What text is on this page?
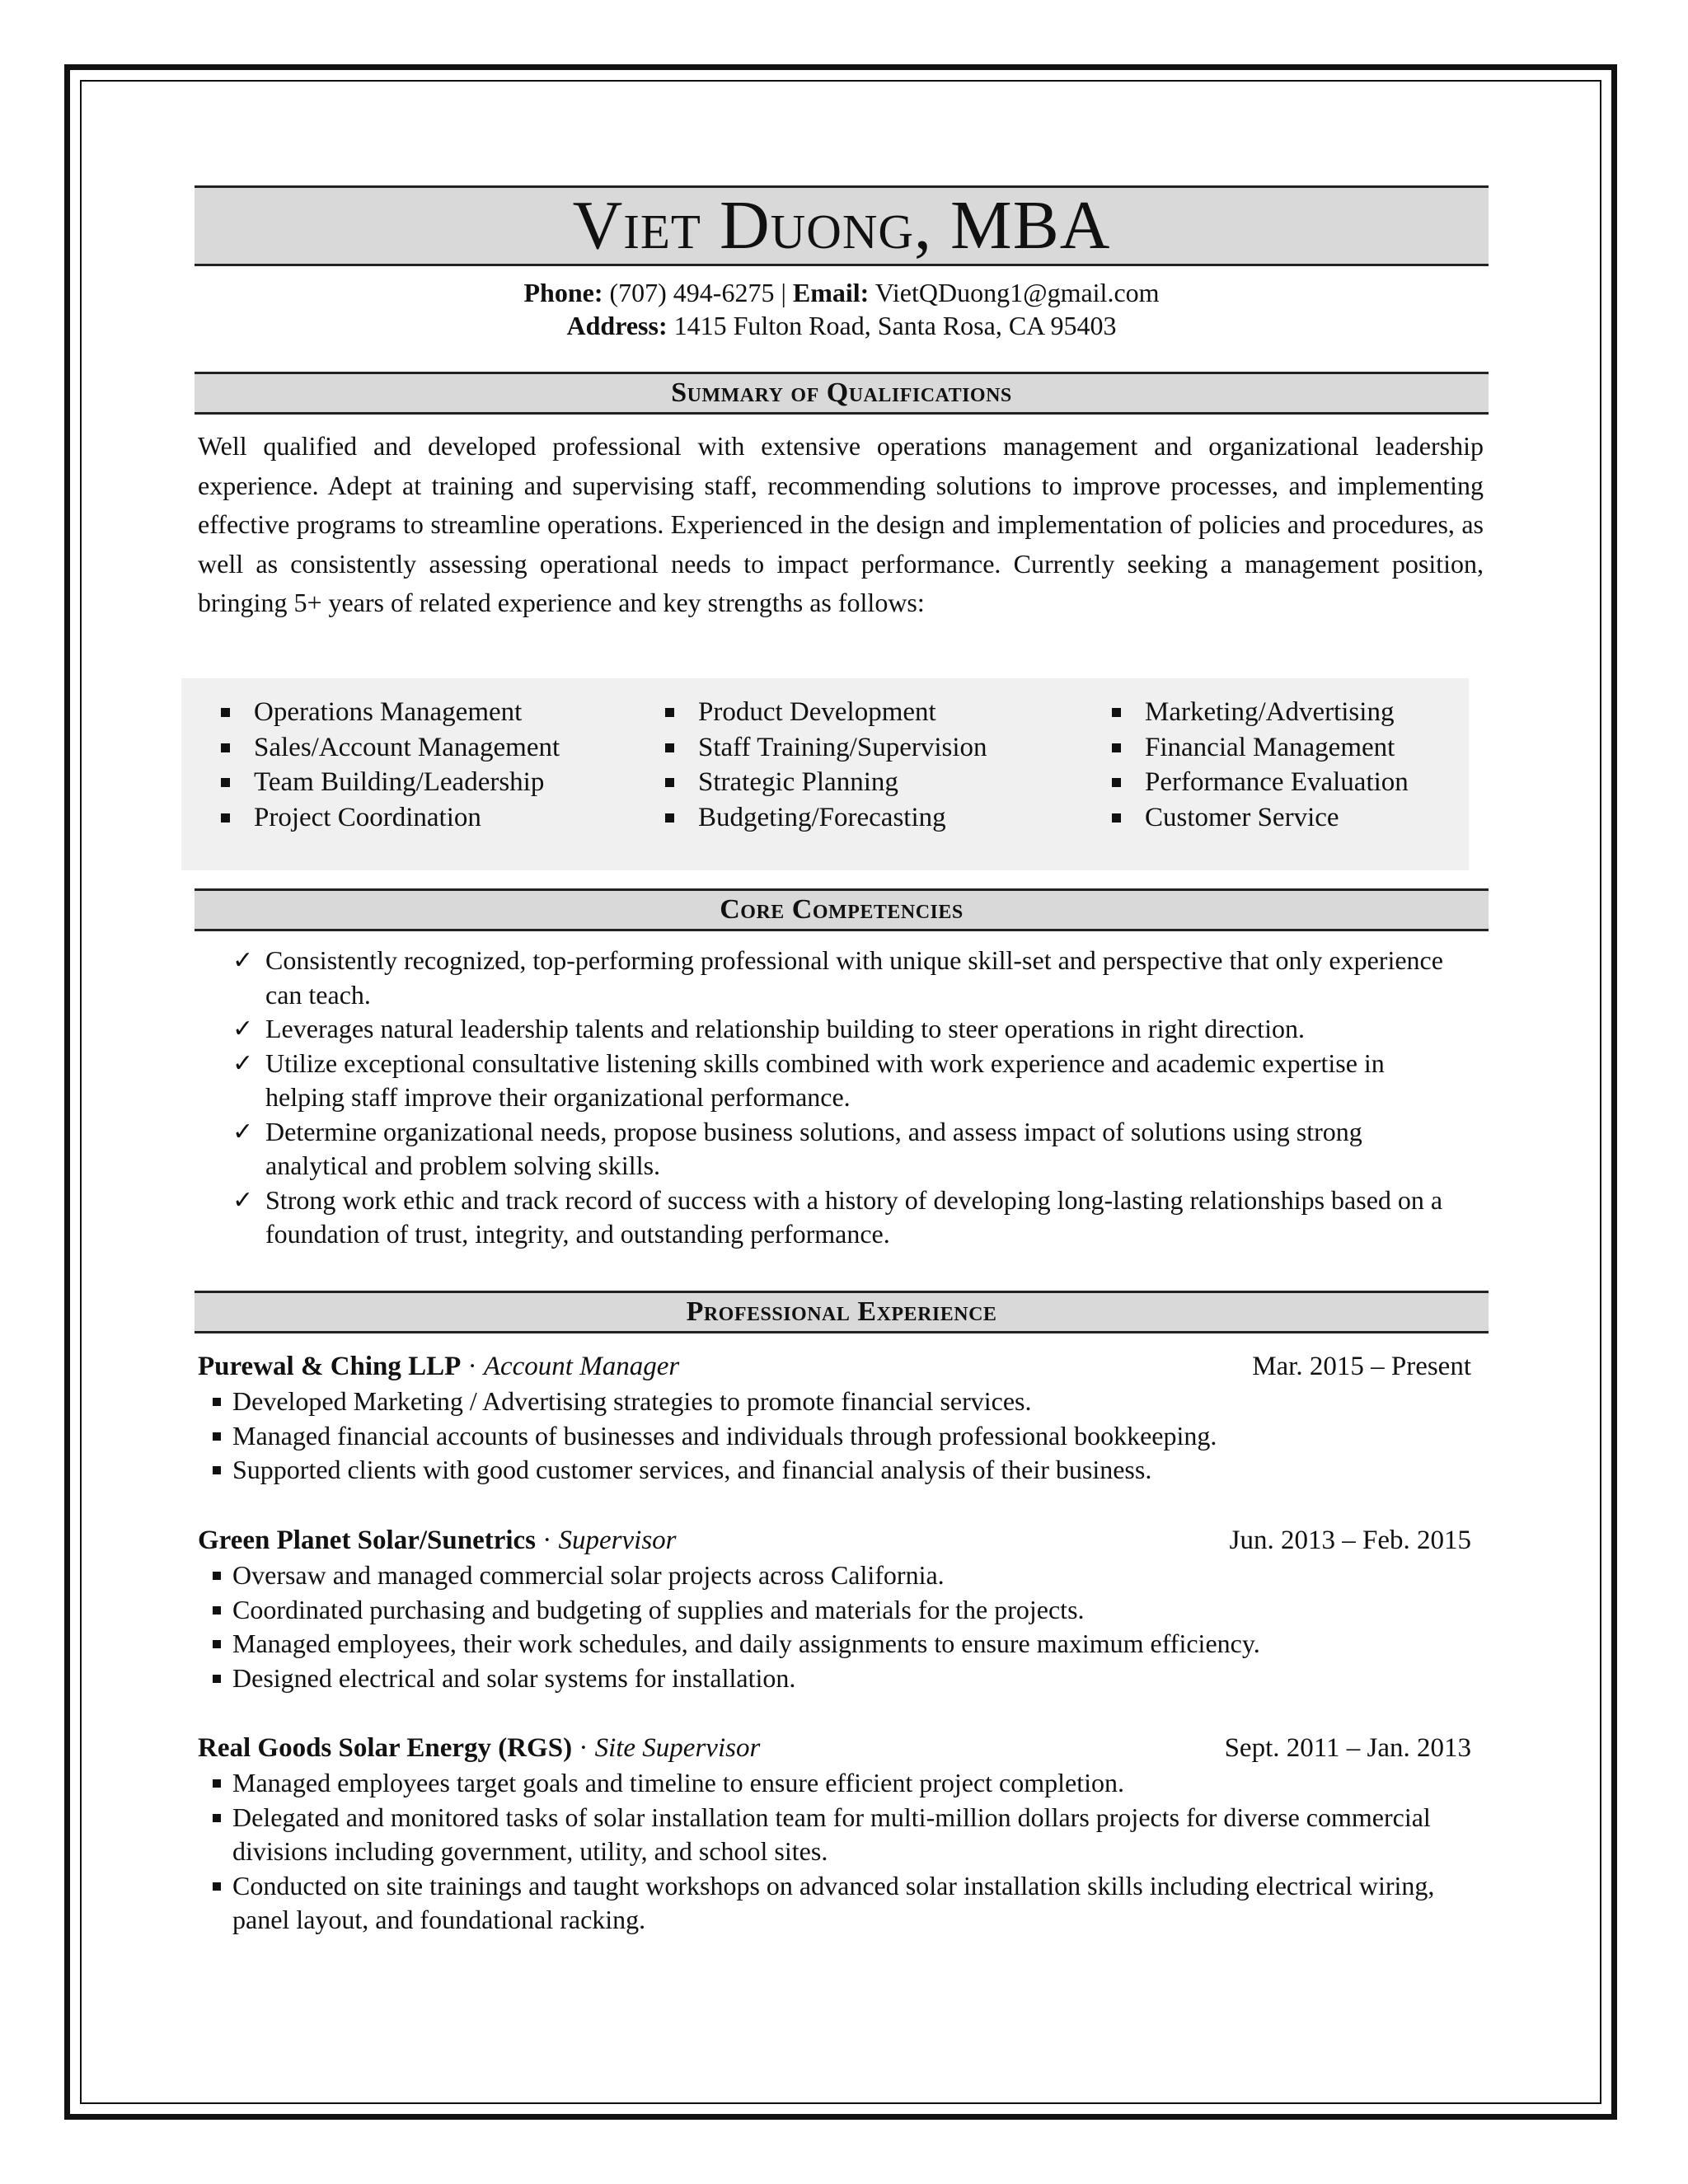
Viet Duong, MBA
Phone: (707) 494-6275 | Email: VietQDuong1@gmail.com
Address: 1415 Fulton Road, Santa Rosa, CA 95403
Summary of Qualifications

Well qualified and developed professional with extensive operations management and organizational leadership experience. Adept at training and supervising staff, recommending solutions to improve processes, and implementing effective programs to streamline operations. Experienced in the design and implementation of policies and procedures, as well as consistently assessing operational needs to impact performance. Currently seeking a management position, bringing 5+ years of related experience and key strengths as follows:

Operations Management
Sales/Account Management
Team Building/Leadership
Project Coordination
Product Development
Staff Training/Supervision
Strategic Planning
Budgeting/Forecasting
Marketing/Advertising
Financial Management
Performance Evaluation
Customer Service
Core Competencies
✓ Consistently recognized, top-performing professional with unique skill-set and perspective that only experience can teach.
✓ Leverages natural leadership talents and relationship building to steer operations in right direction.
✓ Utilize exceptional consultative listening skills combined with work experience and academic expertise in helping staff improve their organizational performance.
✓ Determine organizational needs, propose business solutions, and assess impact of solutions using strong analytical and problem solving skills.
✓ Strong work ethic and track record of success with a history of developing long-lasting relationships based on a foundation of trust, integrity, and outstanding performance.
Professional Experience
Purewal & Ching LLP · Account Manager	Mar. 2015 – Present
Developed Marketing / Advertising strategies to promote financial services.
Managed financial accounts of businesses and individuals through professional bookkeeping.
Supported clients with good customer services, and financial analysis of their business.
Green Planet Solar/Sunetrics · Supervisor	Jun. 2013 – Feb. 2015
Oversaw and managed commercial solar projects across California.
Coordinated purchasing and budgeting of supplies and materials for the projects.
Managed employees, their work schedules, and daily assignments to ensure maximum efficiency.
Designed electrical and solar systems for installation.
Real Goods Solar Energy (RGS) · Site Supervisor	Sept. 2011 – Jan. 2013
Managed employees target goals and timeline to ensure efficient project completion.
Delegated and monitored tasks of solar installation team for multi-million dollars projects for diverse commercial divisions including government, utility, and school sites.
Conducted on site trainings and taught workshops on advanced solar installation skills including electrical wiring, panel layout, and foundational racking.
